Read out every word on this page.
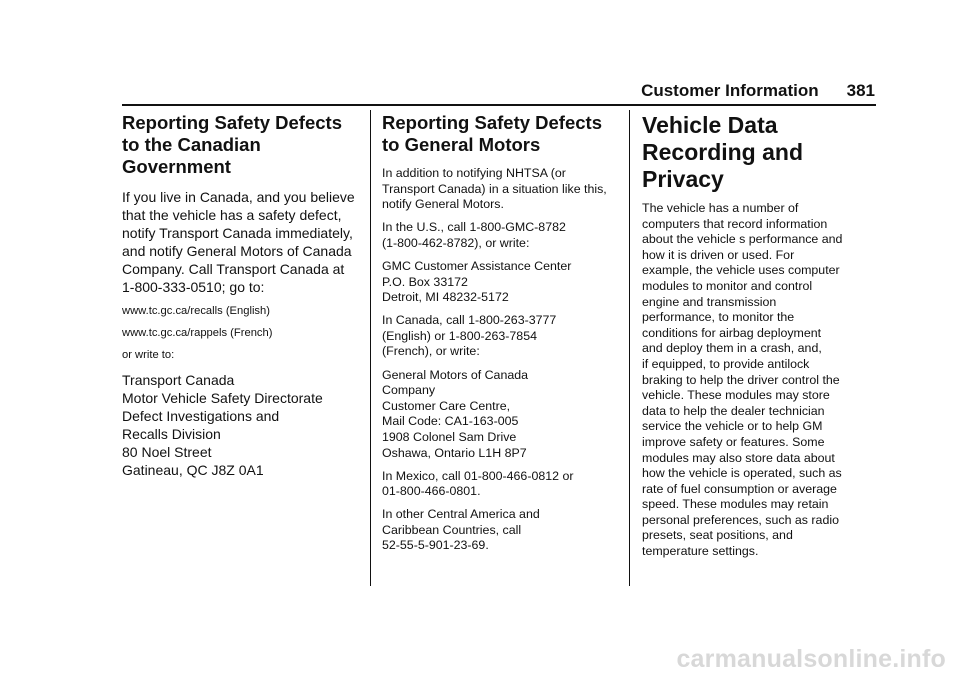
Customer Information 381
Reporting Safety Defects to the Canadian Government

If you live in Canada, and you believe that the vehicle has a safety defect, notify Transport Canada immediately, and notify General Motors of Canada Company. Call Transport Canada at 1-800-333-0510; go to:

www.tc.gc.ca/recalls (English)

www.tc.gc.ca/rappels (French)

or write to:

Transport Canada
Motor Vehicle Safety Directorate
Defect Investigations and
Recalls Division
80 Noel Street
Gatineau, QC J8Z 0A1

Reporting Safety Defects to General Motors

In addition to notifying NHTSA (or Transport Canada) in a situation like this, notify General Motors.

In the U.S., call 1-800-GMC-8782
(1-800-462-8782), or write:

GMC Customer Assistance Center
P.O. Box 33172
Detroit, MI 48232-5172

In Canada, call 1-800-263-3777
(English) or 1-800-263-7854
(French), or write:

General Motors of Canada
Company
Customer Care Centre,
Mail Code: CA1-163-005
1908 Colonel Sam Drive
Oshawa, Ontario L1H 8P7

In Mexico, call 01-800-466-0812 or
01-800-466-0801.

In other Central America and
Caribbean Countries, call
52-55-5-901-23-69.

Vehicle Data Recording and Privacy

The vehicle has a number of
computers that record information
about the vehicle s performance and
how it is driven or used. For
example, the vehicle uses computer
modules to monitor and control
engine and transmission
performance, to monitor the
conditions for airbag deployment
and deploy them in a crash, and,
if equipped, to provide antilock
braking to help the driver control the
vehicle. These modules may store
data to help the dealer technician
service the vehicle or to help GM
improve safety or features. Some
modules may also store data about
how the vehicle is operated, such as
rate of fuel consumption or average
speed. These modules may retain
personal preferences, such as radio
presets, seat positions, and
temperature settings.

carmanualsonline.info
